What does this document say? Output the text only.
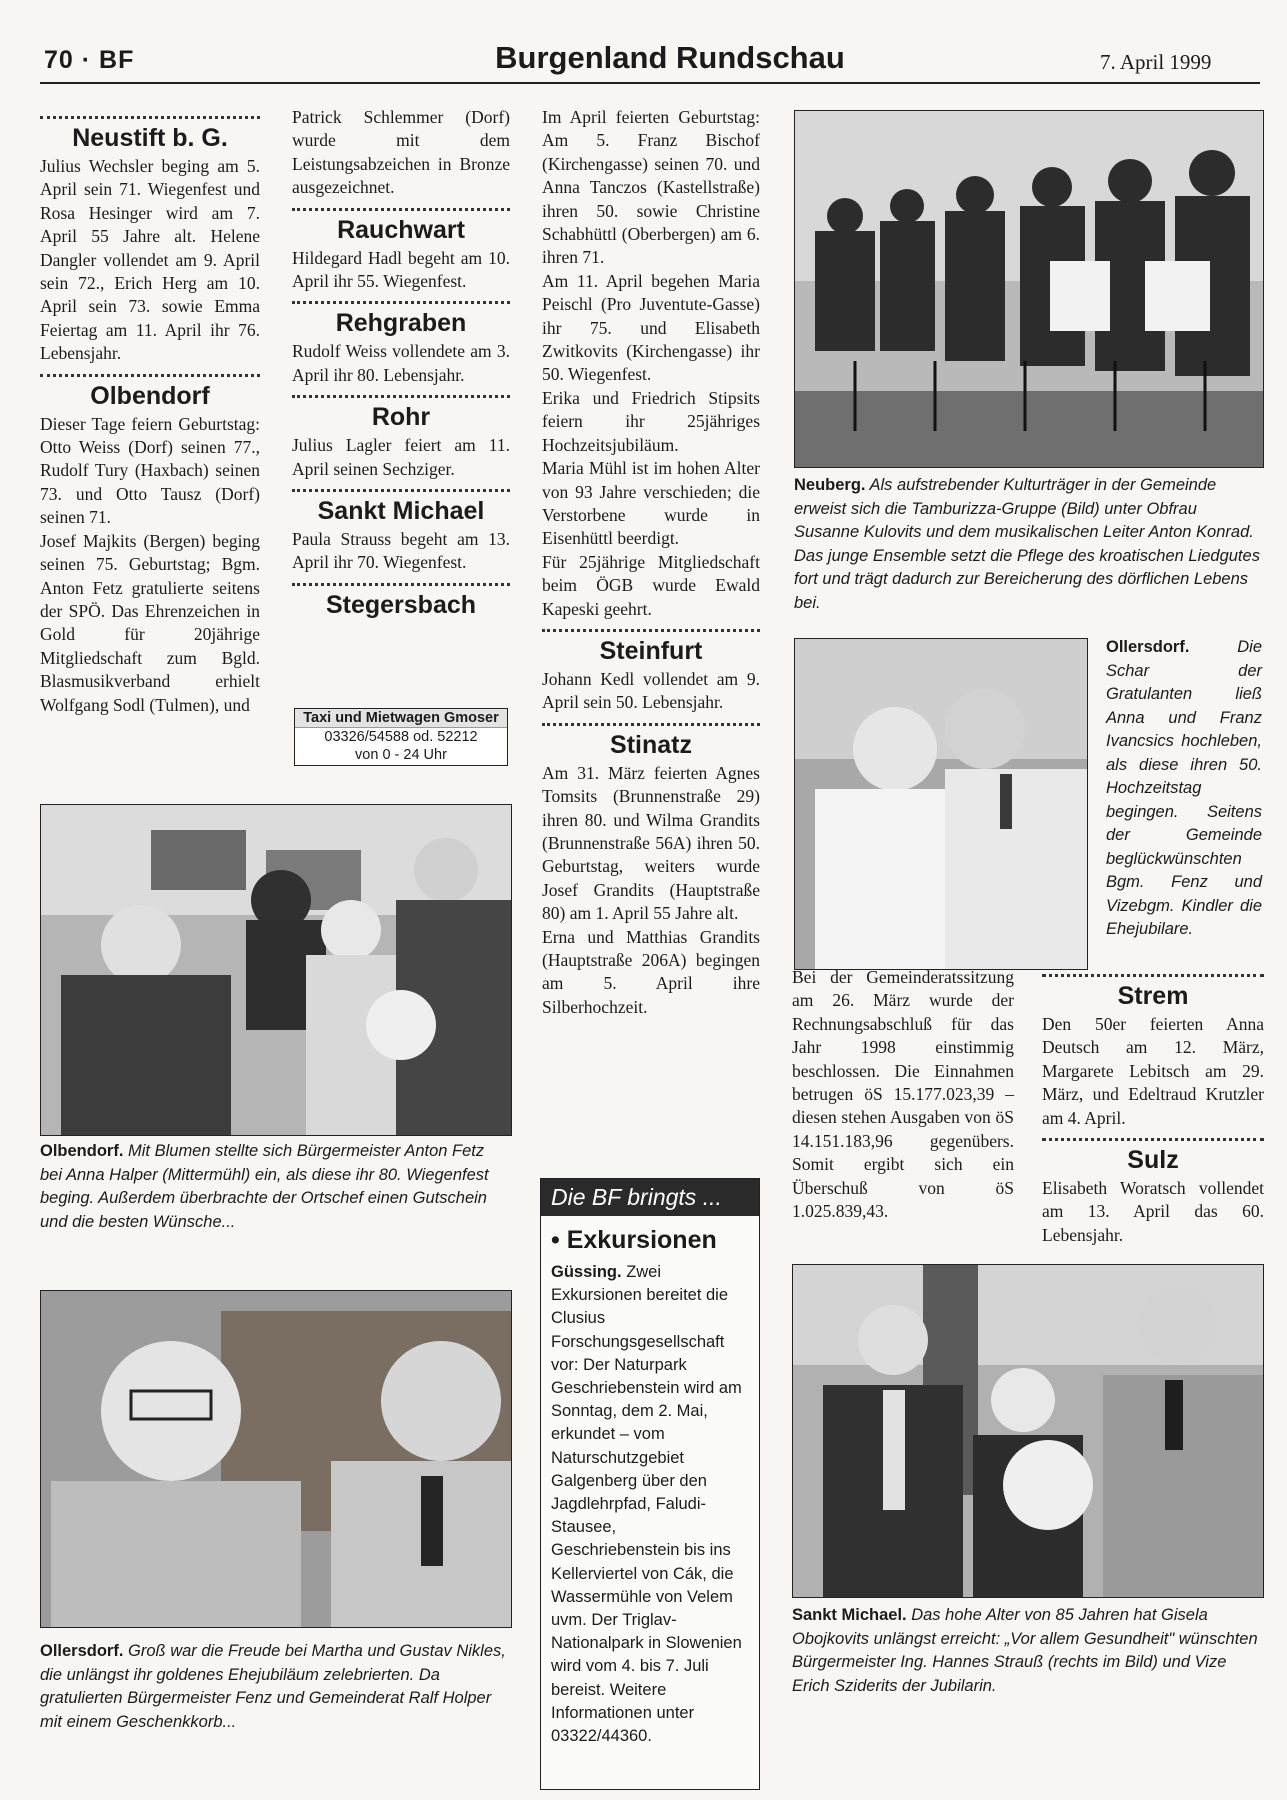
70 · BF	Burgenland Rundschau	7. April 1999
Neustift b. G.

Julius Wechsler beging am 5. April sein 71. Wiegenfest und Rosa Hesinger wird am 7. April 55 Jahre alt. Helene Dangler vollendet am 9. April sein 72., Erich Herg am 10. April sein 73. sowie Emma Feiertag am 11. April ihr 76. Lebensjahr.

Olbendorf

Dieser Tage feiern Geburtstag: Otto Weiss (Dorf) seinen 77., Rudolf Tury (Haxbach) seinen 73. und Otto Tausz (Dorf) seinen 71.

Josef Majkits (Bergen) beging seinen 75. Geburtstag; Bgm. Anton Fetz gratulierte seitens der SPÖ. Das Ehrenzeichen in Gold für 20jährige Mitgliedschaft zum Bgld. Blasmusikverband erhielt Wolfgang Sodl (Tulmen), und

Patrick Schlemmer (Dorf) wurde mit dem Leistungsabzeichen in Bronze ausgezeichnet.

Rauchwart

Hildegard Hadl begeht am 10. April ihr 55. Wiegenfest.

Rehgraben

Rudolf Weiss vollendete am 3. April ihr 80. Lebensjahr.

Rohr

Julius Lagler feiert am 11. April seinen Sechziger.

Sankt Michael

Paula Strauss begeht am 13. April ihr 70. Wiegenfest.

Stegersbach
Taxi und Mietwagen Gmoser
03326/54588 od. 52212
von 0 - 24 Uhr

Im April feierten Geburtstag: Am 5. Franz Bischof (Kirchengasse) seinen 70. und Anna Tanczos (Kastellstraße) ihren 50. sowie Christine Schabhüttl (Oberbergen) am 6. ihren 71.

Am 11. April begehen Maria Peischl (Pro Juventute-Gasse) ihr 75. und Elisabeth Zwitkovits (Kirchengasse) ihr 50. Wiegenfest.

Erika und Friedrich Stipsits feiern ihr 25jähriges Hochzeitsjubiläum.

Maria Mühl ist im hohen Alter von 93 Jahre verschieden; die Verstorbene wurde in Eisenhüttl beerdigt.

Für 25jährige Mitgliedschaft beim ÖGB wurde Ewald Kapeski geehrt.

Steinfurt

Johann Kedl vollendet am 9. April sein 50. Lebensjahr.

Stinatz

Am 31. März feierten Agnes Tomsits (Brunnenstraße 29) ihren 80. und Wilma Grandits (Brunnenstraße 56A) ihren 50. Geburtstag, weiters wurde Josef Grandits (Hauptstraße 80) am 1. April 55 Jahre alt.

Erna und Matthias Grandits (Hauptstraße 206A) begingen am 5. April ihre Silberhochzeit.

Neuberg. Als aufstrebender Kulturträger in der Gemeinde erweist sich die Tamburizza-Gruppe (Bild) unter Obfrau Susanne Kulovits und dem musikalischen Leiter Anton Konrad. Das junge Ensemble setzt die Pflege des kroatischen Liedgutes fort und trägt dadurch zur Bereicherung des dörflichen Lebens bei.
Ollersdorf.	Die Schar der Gratulanten ließ Anna und Franz Ivancsics hochleben, als diese ihren 50. Hochzeitstag begingen. Seitens der Gemeinde beglückwünschten Bgm. Fenz und Vizebgm. Kindler die Ehejubilare.

Bei der Gemeinderatssitzung am 26. März wurde der Rechnungsabschluß für das Jahr 1998 einstimmig beschlossen. Die Einnahmen betrugen öS 15.177.023,39 – diesen stehen Ausgaben von öS 14.151.183,96 gegenübers. Somit ergibt sich ein Überschuß von öS 1.025.839,43.

Strem

Den 50er feierten Anna Deutsch am 12. März, Margarete Lebitsch am 29. März, und Edeltraud Krutzler am 4. April.

Sulz

Elisabeth Woratsch vollendet am 13. April das 60. Lebensjahr.

Olbendorf. Mit Blumen stellte sich Bürgermeister Anton Fetz bei Anna Halper (Mittermühl) ein, als diese ihr 80. Wiegenfest beging. Außerdem überbrachte der Ortschef einen Gutschein und die besten Wünsche...
Ollersdorf. Groß war die Freude bei Martha und Gustav Nikles, die unlängst ihr goldenes Ehejubiläum zelebrierten. Da gratulierten Bürgermeister Fenz und Gemeinderat Ralf Holper mit einem Geschenkkorb...
Die BF bringts ...
• Exkursionen
Güssing. Zwei Exkursionen bereitet die Clusius Forschungsgesellschaft vor: Der Naturpark Geschriebenstein wird am Sonntag, dem 2. Mai, erkundet – vom Naturschutzgebiet Galgenberg über den Jagdlehrpfad, Faludi-Stausee, Geschriebenstein bis ins Kellerviertel von Cák, die Wassermühle von Velem uvm. Der Triglav-Nationalpark in Slowenien wird vom 4. bis 7. Juli bereist. Weitere Informationen unter 03322/44360.
Sankt Michael. Das hohe Alter von 85 Jahren hat Gisela Obojkovits unlängst erreicht: „Vor allem Gesundheit" wünschten Bürgermeister Ing. Hannes Strauß (rechts im Bild) und Vize Erich Sziderits der Jubilarin.
